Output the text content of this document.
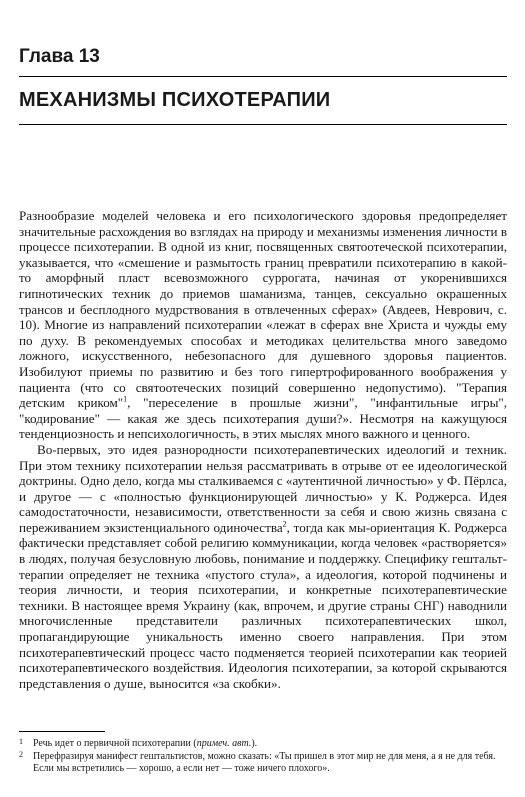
Глава 13
МЕХАНИЗМЫ ПСИХОТЕРАПИИ

Разнообразие моделей человека и его психологического здоровья предопределяет значительные расхождения во взглядах на природу и механизмы изменения личности в процессе психотерапии. В одной из книг, посвященных святоотеческой психотерапии, указывается, что «смешение и размытость границ превратили психотерапию в какой-то аморфный пласт всевозможного суррогата, начиная от укоренившихся гипнотических техник до приемов шаманизма, танцев, сексуально окрашенных трансов и бесплодного мудрствования в отвлеченных сферах» (Авдеев, Неврович, с. 10). Многие из направлений психотерапии «лежат в сферах вне Христа и чужды ему по духу. В рекомендуемых способах и методиках целительства много заведомо ложного, искусственного, небезопасного для душевного здоровья пациентов. Изобилуют приемы по развитию и без того гипертрофированного воображения у пациента (что со святоотеческих позиций совершенно недопустимо). "Терапия детским криком"$^1$, "переселение в прошлые жизни", "инфантильные игры", "кодирование" — какая же здесь психотерапия души?». Несмотря на кажущуюся тенденциозность и непсихологичность, в этих мыслях много важного и ценного.

Во-первых, это идея разнородности психотерапевтических идеологий и техник. При этом технику психотерапии нельзя рассматривать в отрыве от ее идеологической доктрины. Одно дело, когда мы сталкиваемся с «аутентичной личностью» у Ф. Пёрлса, и другое — с «полностью функционирующей личностью» у К. Роджерса. Идея самодостаточности, независимости, ответственности за себя и свою жизнь связана с переживанием экзистенциального одиночества$^2$, тогда как мы-ориентация К. Роджерса фактически представляет собой религию коммуникации, когда человек «растворяется» в людях, получая безусловную любовь, понимание и поддержку. Специфику гештальт-терапии определяет не техника «пустого стула», а идеология, которой подчинены и теория личности, и теория психотерапии, и конкретные психотерапевтические техники. В настоящее время Украину (как, впрочем, и другие страны СНГ) наводнили многочисленные представители различных психотерапевтических школ, пропагандирующие уникальность именно своего направления. При этом психотерапевтический процесс часто подменяется теорией психотерапии как теорией психотерапевтического воздействия. Идеология психотерапии, за которой скрываются представления о душе, выносится «за скобки».

1 Речь идет о первичной психотерапии (примеч. авт.).
2 Перефразируя манифест гештальтистов, можно сказать: «Ты пришел в этот мир не для меня, а я не для тебя. Если мы встретились — хорошо, а если нет — тоже ничего плохого».
